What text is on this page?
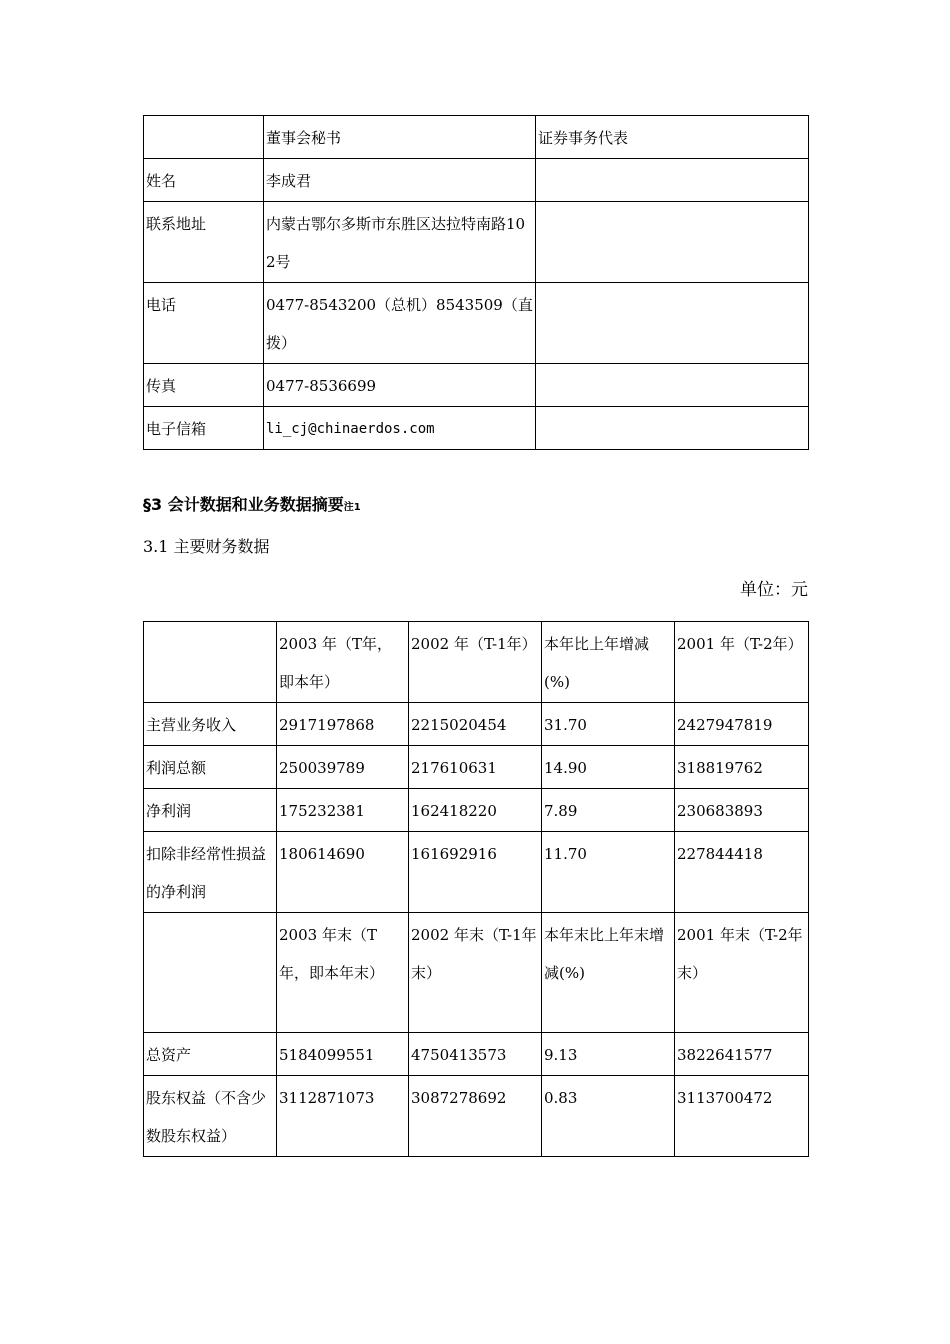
	董事会秘书	证券事务代表
姓名	李成君	
联系地址	内蒙古鄂尔多斯市东胜区达拉特南路102号	
电话	0477-8543200（总机）8543509（直拨）	
传真	0477-8536699	
电子信箱	li_cj@chinaerdos.com	
§3 会计数据和业务数据摘要注1
3.1 主要财务数据
单位：元
	2003 年（T年，即本年）	2002 年（T-1年）	本年比上年增减(%)	2001 年（T-2年）
主营业务收入	2917197868	2215020454	31.70	2427947819
利润总额	250039789	217610631	14.90	318819762
净利润	175232381	162418220	7.89	230683893
扣除非经常性损益的净利润	180614690	161692916	11.70	227844418
	2003 年末（T年，即本年末）	2002 年末（T-1年末）	本年末比上年末增减(%)	2001 年末（T-2年末）
总资产	5184099551	4750413573	9.13	3822641577
股东权益（不含少数股东权益）	3112871073	3087278692	0.83	3113700472
